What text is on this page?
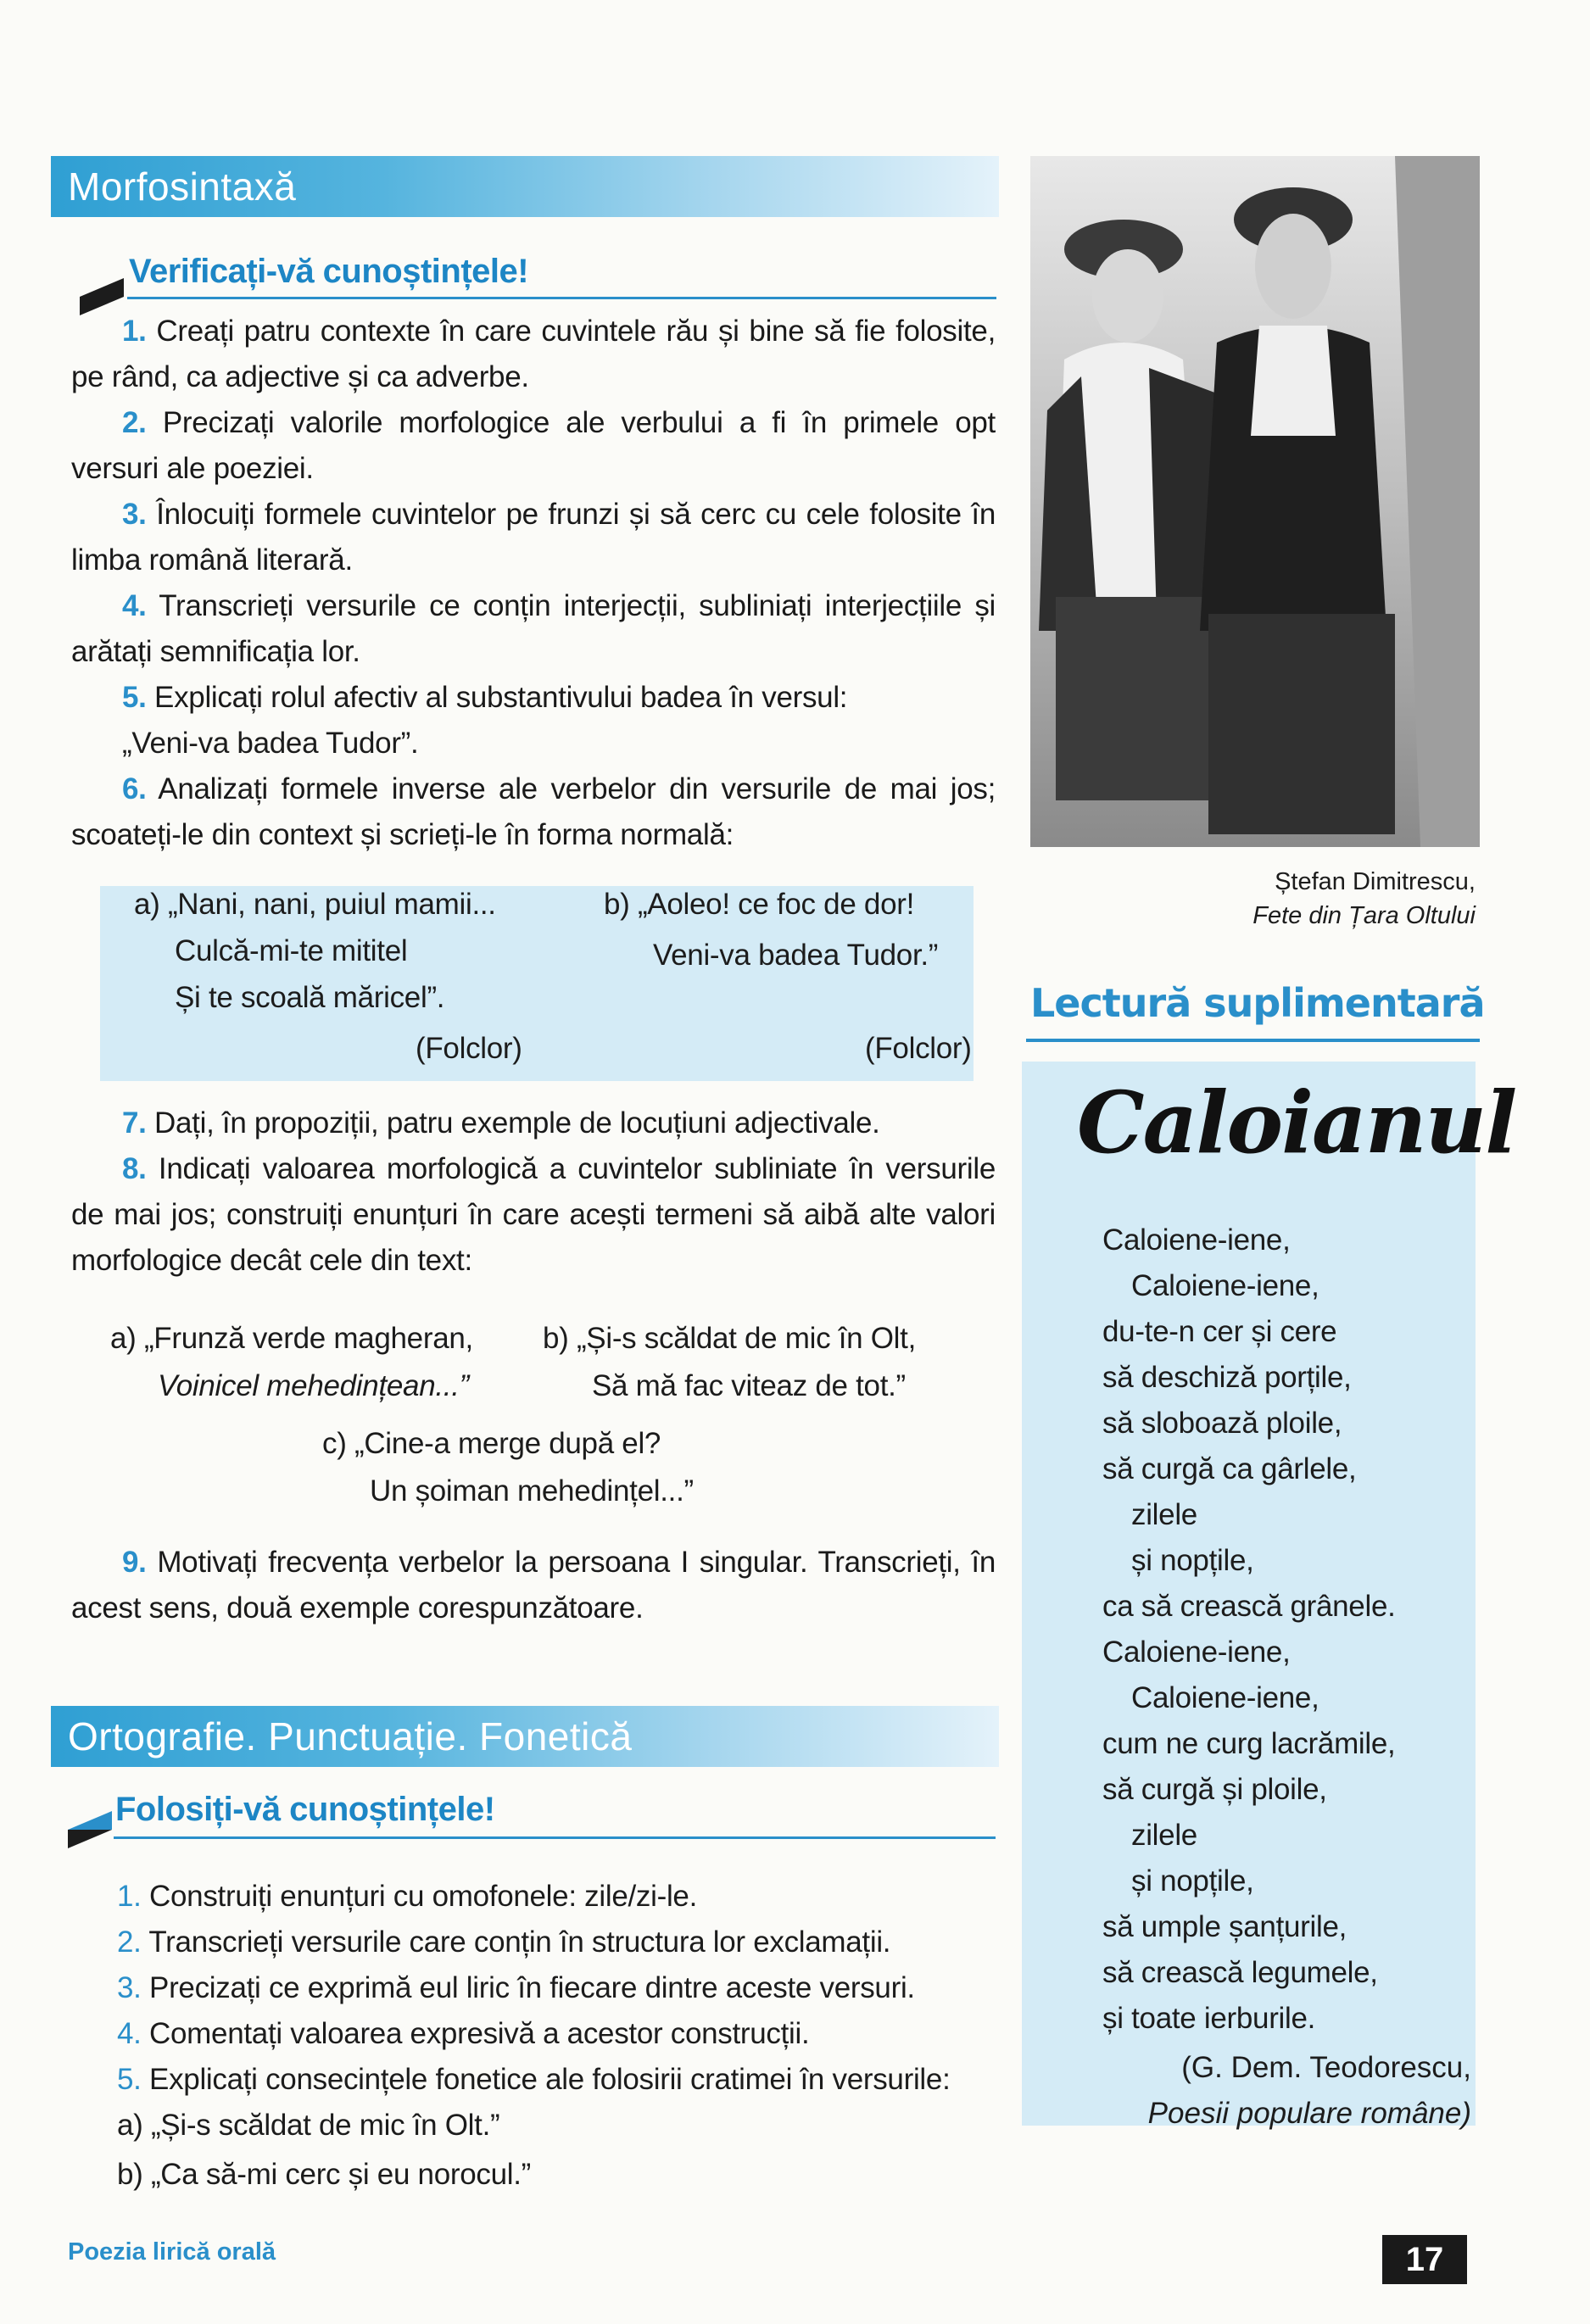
Morfosintaxă
Verificați-vă cunoștințele!
1. Creați patru contexte în care cuvintele rău și bine să fie folosite, pe rând, ca adjective și ca adverbe.
2. Precizați valorile morfologice ale verbului a fi în primele opt versuri ale poeziei.
3. Înlocuiți formele cuvintelor pe frunzi și să cerc cu cele folosite în limba română literară.
4. Transcrieți versurile ce conțin interjecții, subliniați interjecțiile și arătați semnificația lor.
5. Explicați rolul afectiv al substantivului badea în versul:
„Veni-va badea Tudor”.
6. Analizați formele inverse ale verbelor din versurile de mai jos; scoateți-le din context și scrieți-le în forma normală:
a) „Nani, nani, puiul mamii...
Culcă-mi-te mititel
Și te scoală măricel”.
(Folclor)
b) „Aoleo! ce foc de dor!
Veni-va badea Tudor.”
(Folclor)
7. Dați, în propoziții, patru exemple de locuțiuni adjectivale.
8. Indicați valoarea morfologică a cuvintelor subliniate în versurile de mai jos; construiți enunțuri în care acești termeni să aibă alte valori morfologice decât cele din text:
a) „Frunză verde magheran,
Voinicel mehedințean...”
b) „Și-s scăldat de mic în Olt,
Să mă fac viteaz de tot.”
c) „Cine-a merge după el?
Un șoiman mehedințel...”
9. Motivați frecvența verbelor la persoana I singular. Transcrieți, în acest sens, două exemple corespunzătoare.
Ortografie. Punctuație. Fonetică
Folosiți-vă cunoștințele!
1. Construiți enunțuri cu omofonele: zile/zi-le.
2. Transcrieți versurile care conțin în structura lor exclamații.
3. Precizați ce exprimă eul liric în fiecare dintre aceste versuri.
4. Comentați valoarea expresivă a acestor construcții.
5. Explicați consecințele fonetice ale folosirii cratimei în versurile:
a) „Și-s scăldat de mic în Olt.”
b) „Ca să-mi cerc și eu norocul.”
Ștefan Dimitrescu,
Fete din Țara Oltului
Lectură suplimentară
Caloianul
Caloiene-iene,
Caloiene-iene,
du-te-n cer și cere
să deschiză porțile,
să sloboază ploile,
să curgă ca gârlele,
zilele
și nopțile,
ca să crească grânele.
Caloiene-iene,
Caloiene-iene,
cum ne curg lacrămile,
să curgă și ploile,
zilele
și nopțile,
să umple șanțurile,
să crească legumele,
și toate ierburile.
(G. Dem. Teodorescu,
Poesii populare române)
Poezia lirică orală	17
